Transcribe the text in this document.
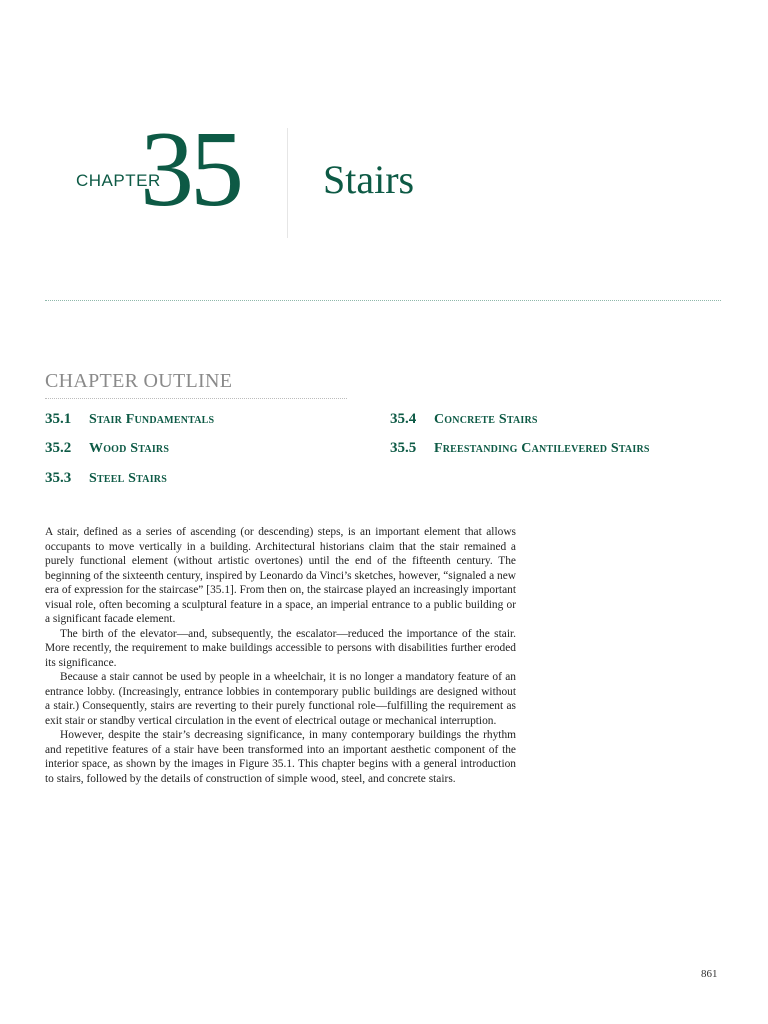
CHAPTER
35 Stairs
CHAPTER OUTLINE
35.1 Stair Fundamentals
35.2 Wood Stairs
35.3 Steel Stairs
35.4 Concrete Stairs
35.5 Freestanding Cantilevered Stairs

A stair, defined as a series of ascending (or descending) steps, is an important element that allows occupants to move vertically in a building. Architectural historians claim that the stair remained a purely functional element (without artistic overtones) until the end of the fifteenth century. The beginning of the sixteenth century, inspired by Leonardo da Vinci’s sketches, however, “signaled a new era of expression for the staircase” [35.1]. From then on, the staircase played an increasingly important visual role, often becoming a sculptural feature in a space, an imperial entrance to a public building or a significant facade element.

The birth of the elevator—and, subsequently, the escalator—reduced the importance of the stair. More recently, the requirement to make buildings accessible to persons with disabilities further eroded its significance.

Because a stair cannot be used by people in a wheelchair, it is no longer a mandatory feature of an entrance lobby. (Increasingly, entrance lobbies in contemporary public buildings are designed without a stair.) Consequently, stairs are reverting to their purely functional role—fulfilling the requirement as exit stair or standby vertical circulation in the event of electrical outage or mechanical interruption.

However, despite the stair’s decreasing significance, in many contemporary buildings the rhythm and repetitive features of a stair have been transformed into an important aesthetic component of the interior space, as shown by the images in Figure 35.1. This chapter begins with a general introduction to stairs, followed by the details of construction of simple wood, steel, and concrete stairs.

861
